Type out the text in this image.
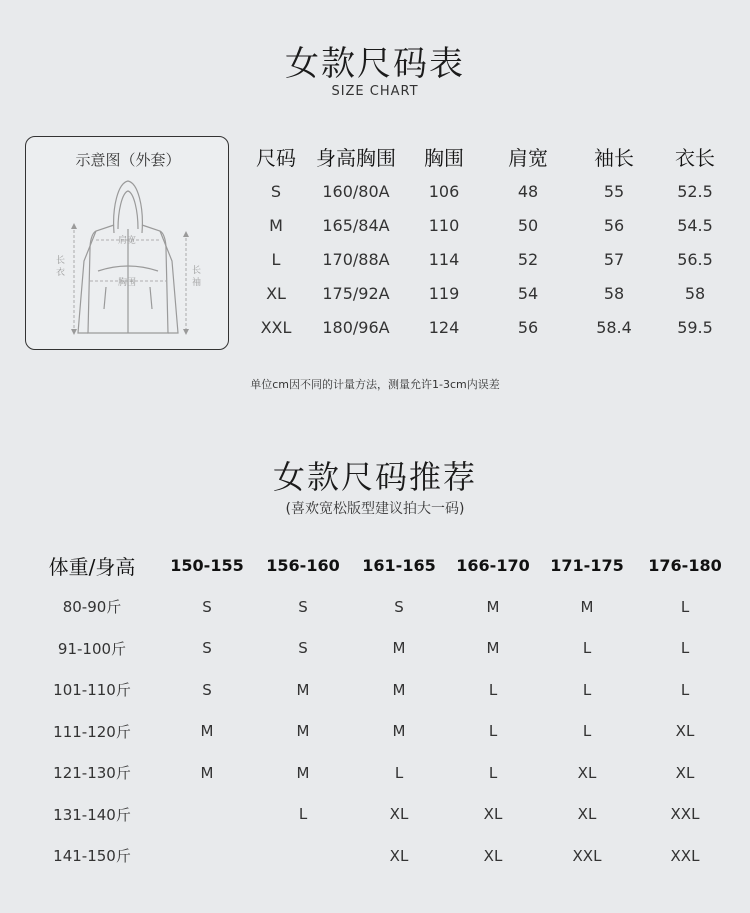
女款尺码表
SIZE CHART
示意图（外套）
肩宽
胸围
长 衣	长 袖
尺码	身高胸围	胸围	肩宽	袖长	衣长
S	160/80A	106	48	55	52.5
M	165/84A	110	50	56	54.5
L	170/88A	114	52	57	56.5
XL	175/92A	119	54	58	58
XXL	180/96A	124	56	58.4	59.5
单位cm因不同的计量方法，测量允许1-3cm内误差
女款尺码推荐
(喜欢宽松版型建议拍大一码)
体重/身高	150-155	156-160	161-165	166-170	171-175	176-180
80-90斤	S	S	S	M	M	L
91-100斤	S	S	M	M	L	L
101-110斤	S	M	M	L	L	L
111-120斤	M	M	M	L	L	XL
121-130斤	M	M	L	L	XL	XL
131-140斤		L	XL	XL	XL	XXL
141-150斤			XL	XL	XXL	XXL
